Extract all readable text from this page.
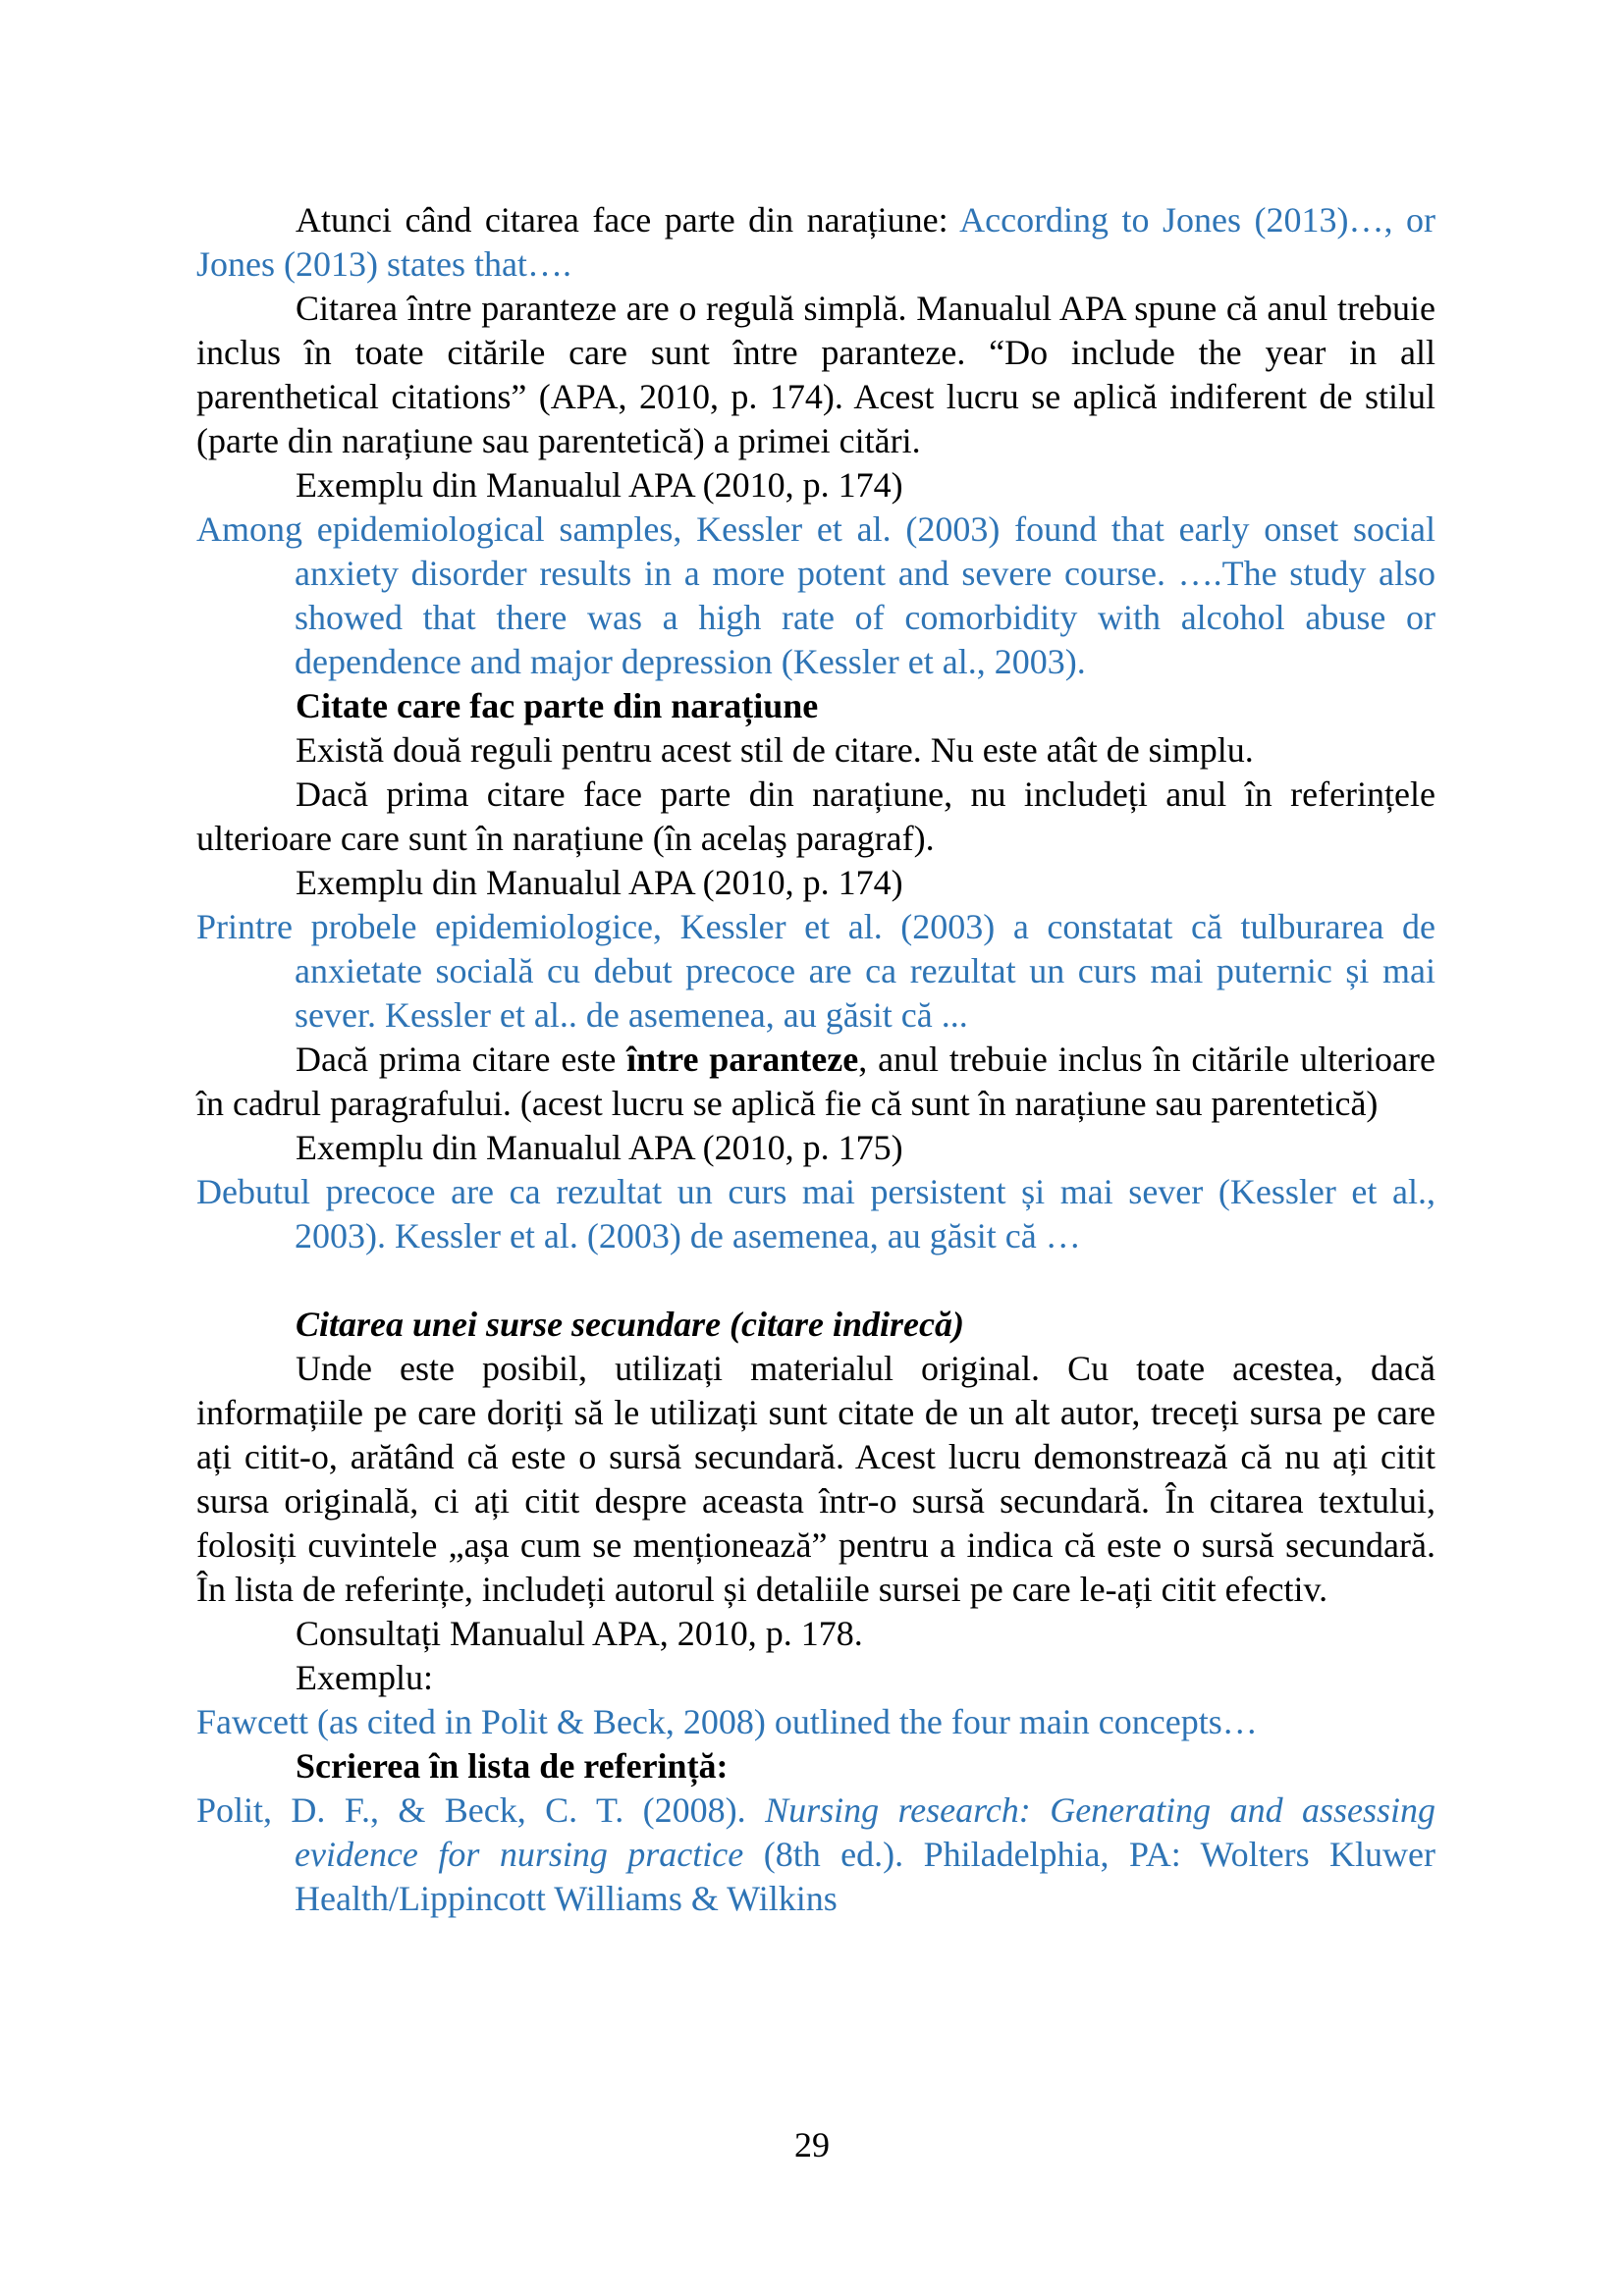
Atunci când citarea face parte din narațiune: According to Jones (2013)…, or Jones (2013) states that….

Citarea între paranteze are o regulă simplă. Manualul APA spune că anul trebuie inclus în toate citările care sunt între paranteze. “Do include the year in all parenthetical citations” (APA, 2010, p. 174). Acest lucru se aplică indiferent de stilul (parte din narațiune sau parentetică) a primei citări.

Exemplu din Manualul APA (2010, p. 174)

Among epidemiological samples, Kessler et al. (2003) found that early onset social anxiety disorder results in a more potent and severe course. ….The study also showed that there was a high rate of comorbidity with alcohol abuse or dependence and major depression (Kessler et al., 2003).

Citate care fac parte din narațiune

Există două reguli pentru acest stil de citare. Nu este atât de simplu.

Dacă prima citare face parte din narațiune, nu includeți anul în referințele ulterioare care sunt în narațiune (în acelaş paragraf).

Exemplu din Manualul APA (2010, p. 174)

Printre probele epidemiologice, Kessler et al. (2003) a constatat că tulburarea de anxietate socială cu debut precoce are ca rezultat un curs mai puternic și mai sever. Kessler et al.. de asemenea, au găsit că ...

Dacă prima citare este între paranteze, anul trebuie inclus în citările ulterioare în cadrul paragrafului. (acest lucru se aplică fie că sunt în narațiune sau parentetică)

Exemplu din Manualul APA (2010, p. 175)

Debutul precoce are ca rezultat un curs mai persistent și mai sever (Kessler et al., 2003). Kessler et al. (2003) de asemenea, au găsit că …

Citarea unei surse secundare (citare indirecă)

Unde este posibil, utilizați materialul original. Cu toate acestea, dacă informațiile pe care doriți să le utilizați sunt citate de un alt autor, treceți sursa pe care ați citit-o, arătând că este o sursă secundară. Acest lucru demonstrează că nu ați citit sursa originală, ci ați citit despre aceasta într-o sursă secundară. În citarea textului, folosiți cuvintele „așa cum se menționează” pentru a indica că este o sursă secundară. În lista de referințe, includeți autorul și detaliile sursei pe care le-ați citit efectiv.

Consultați Manualul APA, 2010, p. 178.

Exemplu:

Fawcett (as cited in Polit & Beck, 2008) outlined the four main concepts…

Scrierea în lista de referință:

Polit, D. F., & Beck, C. T. (2008). Nursing research: Generating and assessing evidence for nursing practice (8th ed.). Philadelphia, PA: Wolters Kluwer Health/Lippincott Williams & Wilkins

29
